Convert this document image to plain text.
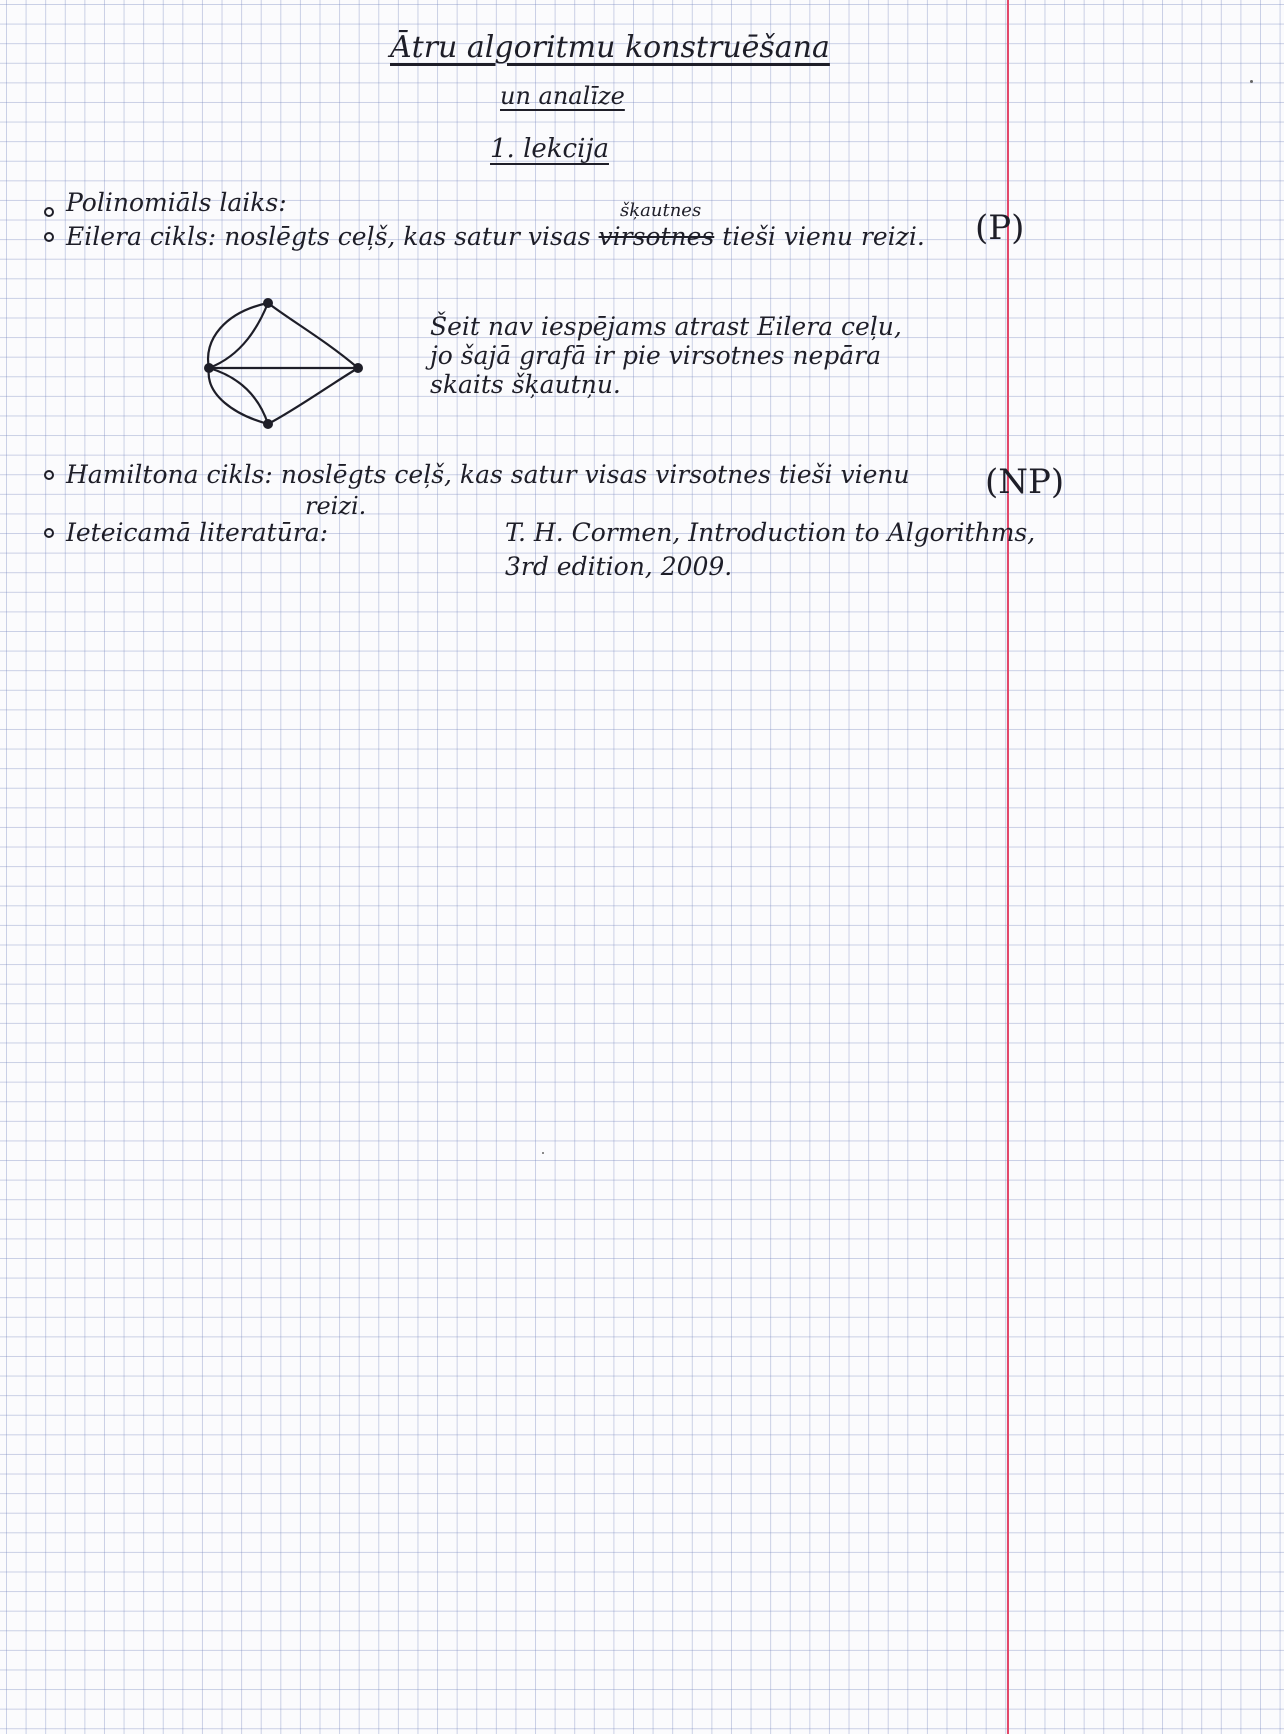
Ātru algoritmu konstruēšana
un analīze
1. lekcija
Polinomiāls laiks:
Eilera cikls: noslēgts ceļš, kas satur visas virsotnes tieši vienu reizi.
šķautnes	(P)
Šeit nav iespējams atrast Eilera ceļu,
jo šajā grafā ir pie virsotnes nepāra
skaits šķautņu.
Hamiltona cikls: noslēgts ceļš, kas satur visas virsotnes tieši vienu (NP)
reizi.
Ieteicamā literatūra:	T. H. Cormen, Introduction to Algorithms,
3rd edition, 2009.
